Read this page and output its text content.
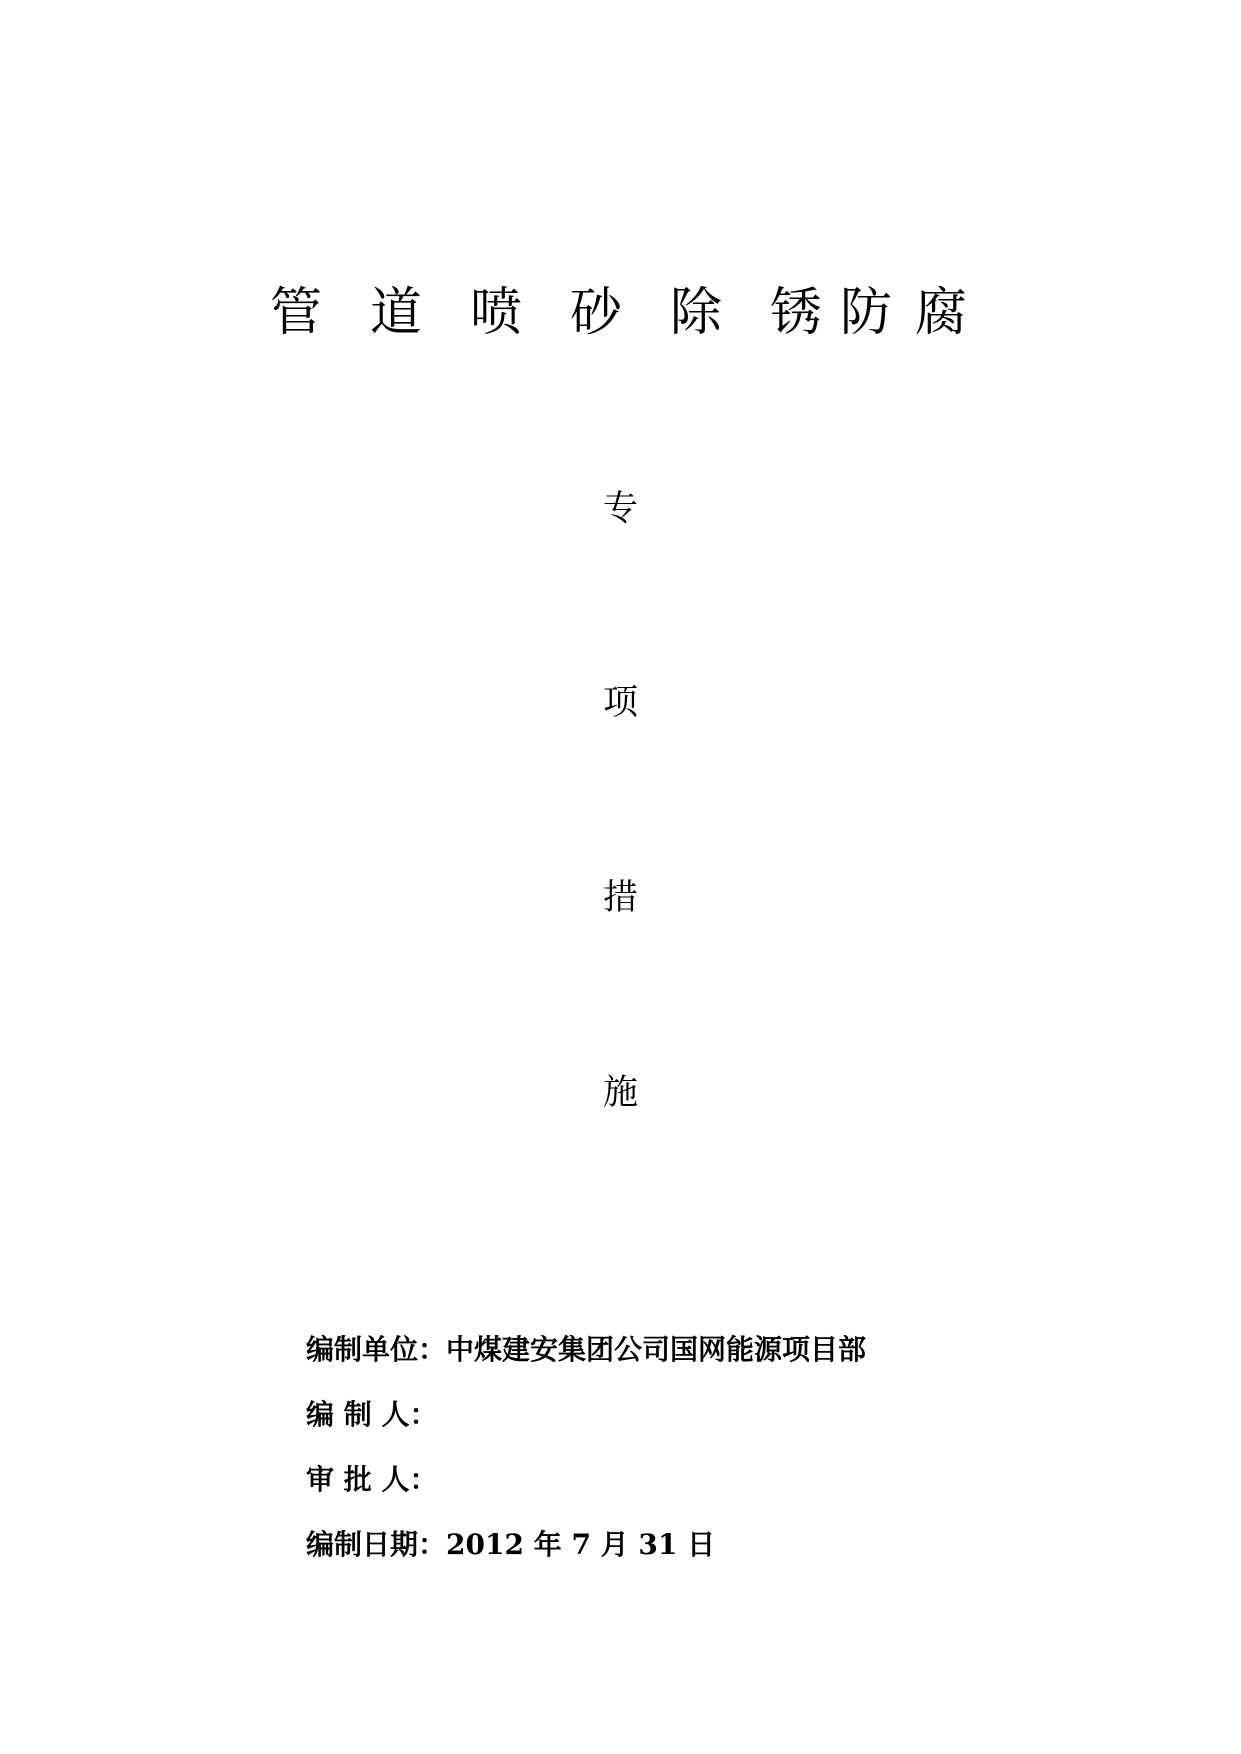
管 道 喷 砂 除 锈 防 腐
专
项
措
施
编制单位：中煤建安集团公司国网能源项目部
编 制 人：
审 批 人：
编制日期：2012 年 7 月 31 日
